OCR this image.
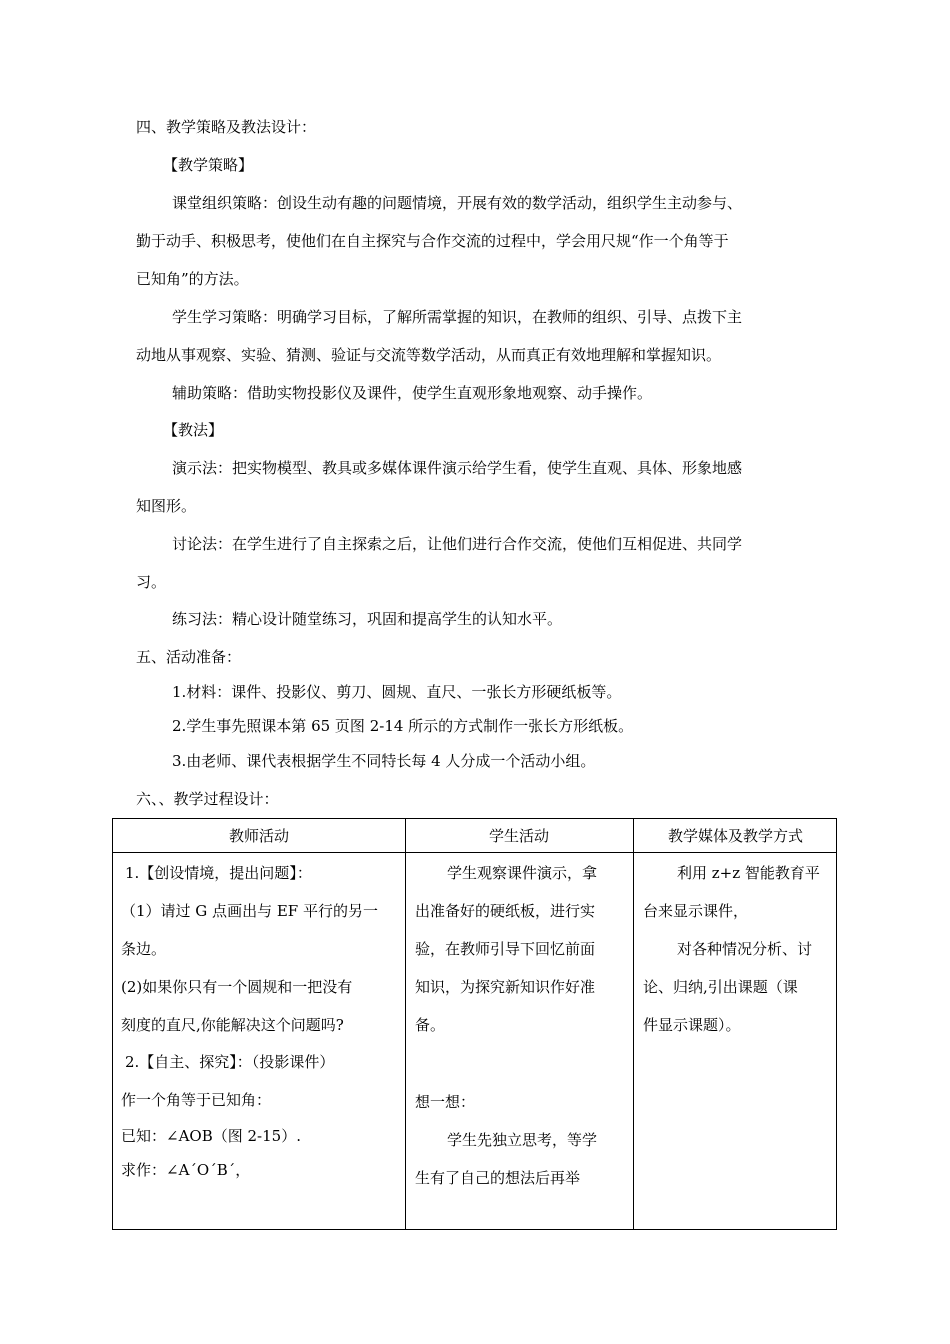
四、教学策略及教法设计：
【教学策略】
课堂组织策略：创设生动有趣的问题情境，开展有效的数学活动，组织学生主动参与、
勤于动手、积极思考，使他们在自主探究与合作交流的过程中，学会用尺规“作一个角等于
已知角”的方法。
学生学习策略：明确学习目标，了解所需掌握的知识，在教师的组织、引导、点拨下主
动地从事观察、实验、猜测、验证与交流等数学活动，从而真正有效地理解和掌握知识。
辅助策略：借助实物投影仪及课件，使学生直观形象地观察、动手操作。
【教法】
演示法：把实物模型、教具或多媒体课件演示给学生看，使学生直观、具体、形象地感
知图形。
讨论法：在学生进行了自主探索之后，让他们进行合作交流，使他们互相促进、共同学
习。
练习法：精心设计随堂练习，巩固和提高学生的认知水平。
五、活动准备：
1.材料：课件、投影仪、剪刀、圆规、直尺、一张长方形硬纸板等。
2.学生事先照课本第 65 页图 2-14 所示的方式制作一张长方形纸板。
3.由老师、课代表根据学生不同特长每 4 人分成一个活动小组。
六、、教学过程设计：
教师活动	学生活动	教学媒体及教学方式
1.【创设情境，提出问题】：
（1）请过 G 点画出与 EF 平行的另一
条边。
(2)如果你只有一个圆规和一把没有
刻度的直尺,你能解决这个问题吗?
2.【自主、探究】：（投影课件）
作一个角等于已知角：
已知：∠AOB（图 2-15）.
求作：∠A´O´B´，
学生观察课件演示，拿
出准备好的硬纸板，进行实
验，在教师引导下回忆前面
知识，为探究新知识作好准
备。
想一想：
学生先独立思考，等学
生有了自己的想法后再举
利用 z+z 智能教育平
台来显示课件，
对各种情况分析、讨
论、归纳,引出课题（课
件显示课题）。
